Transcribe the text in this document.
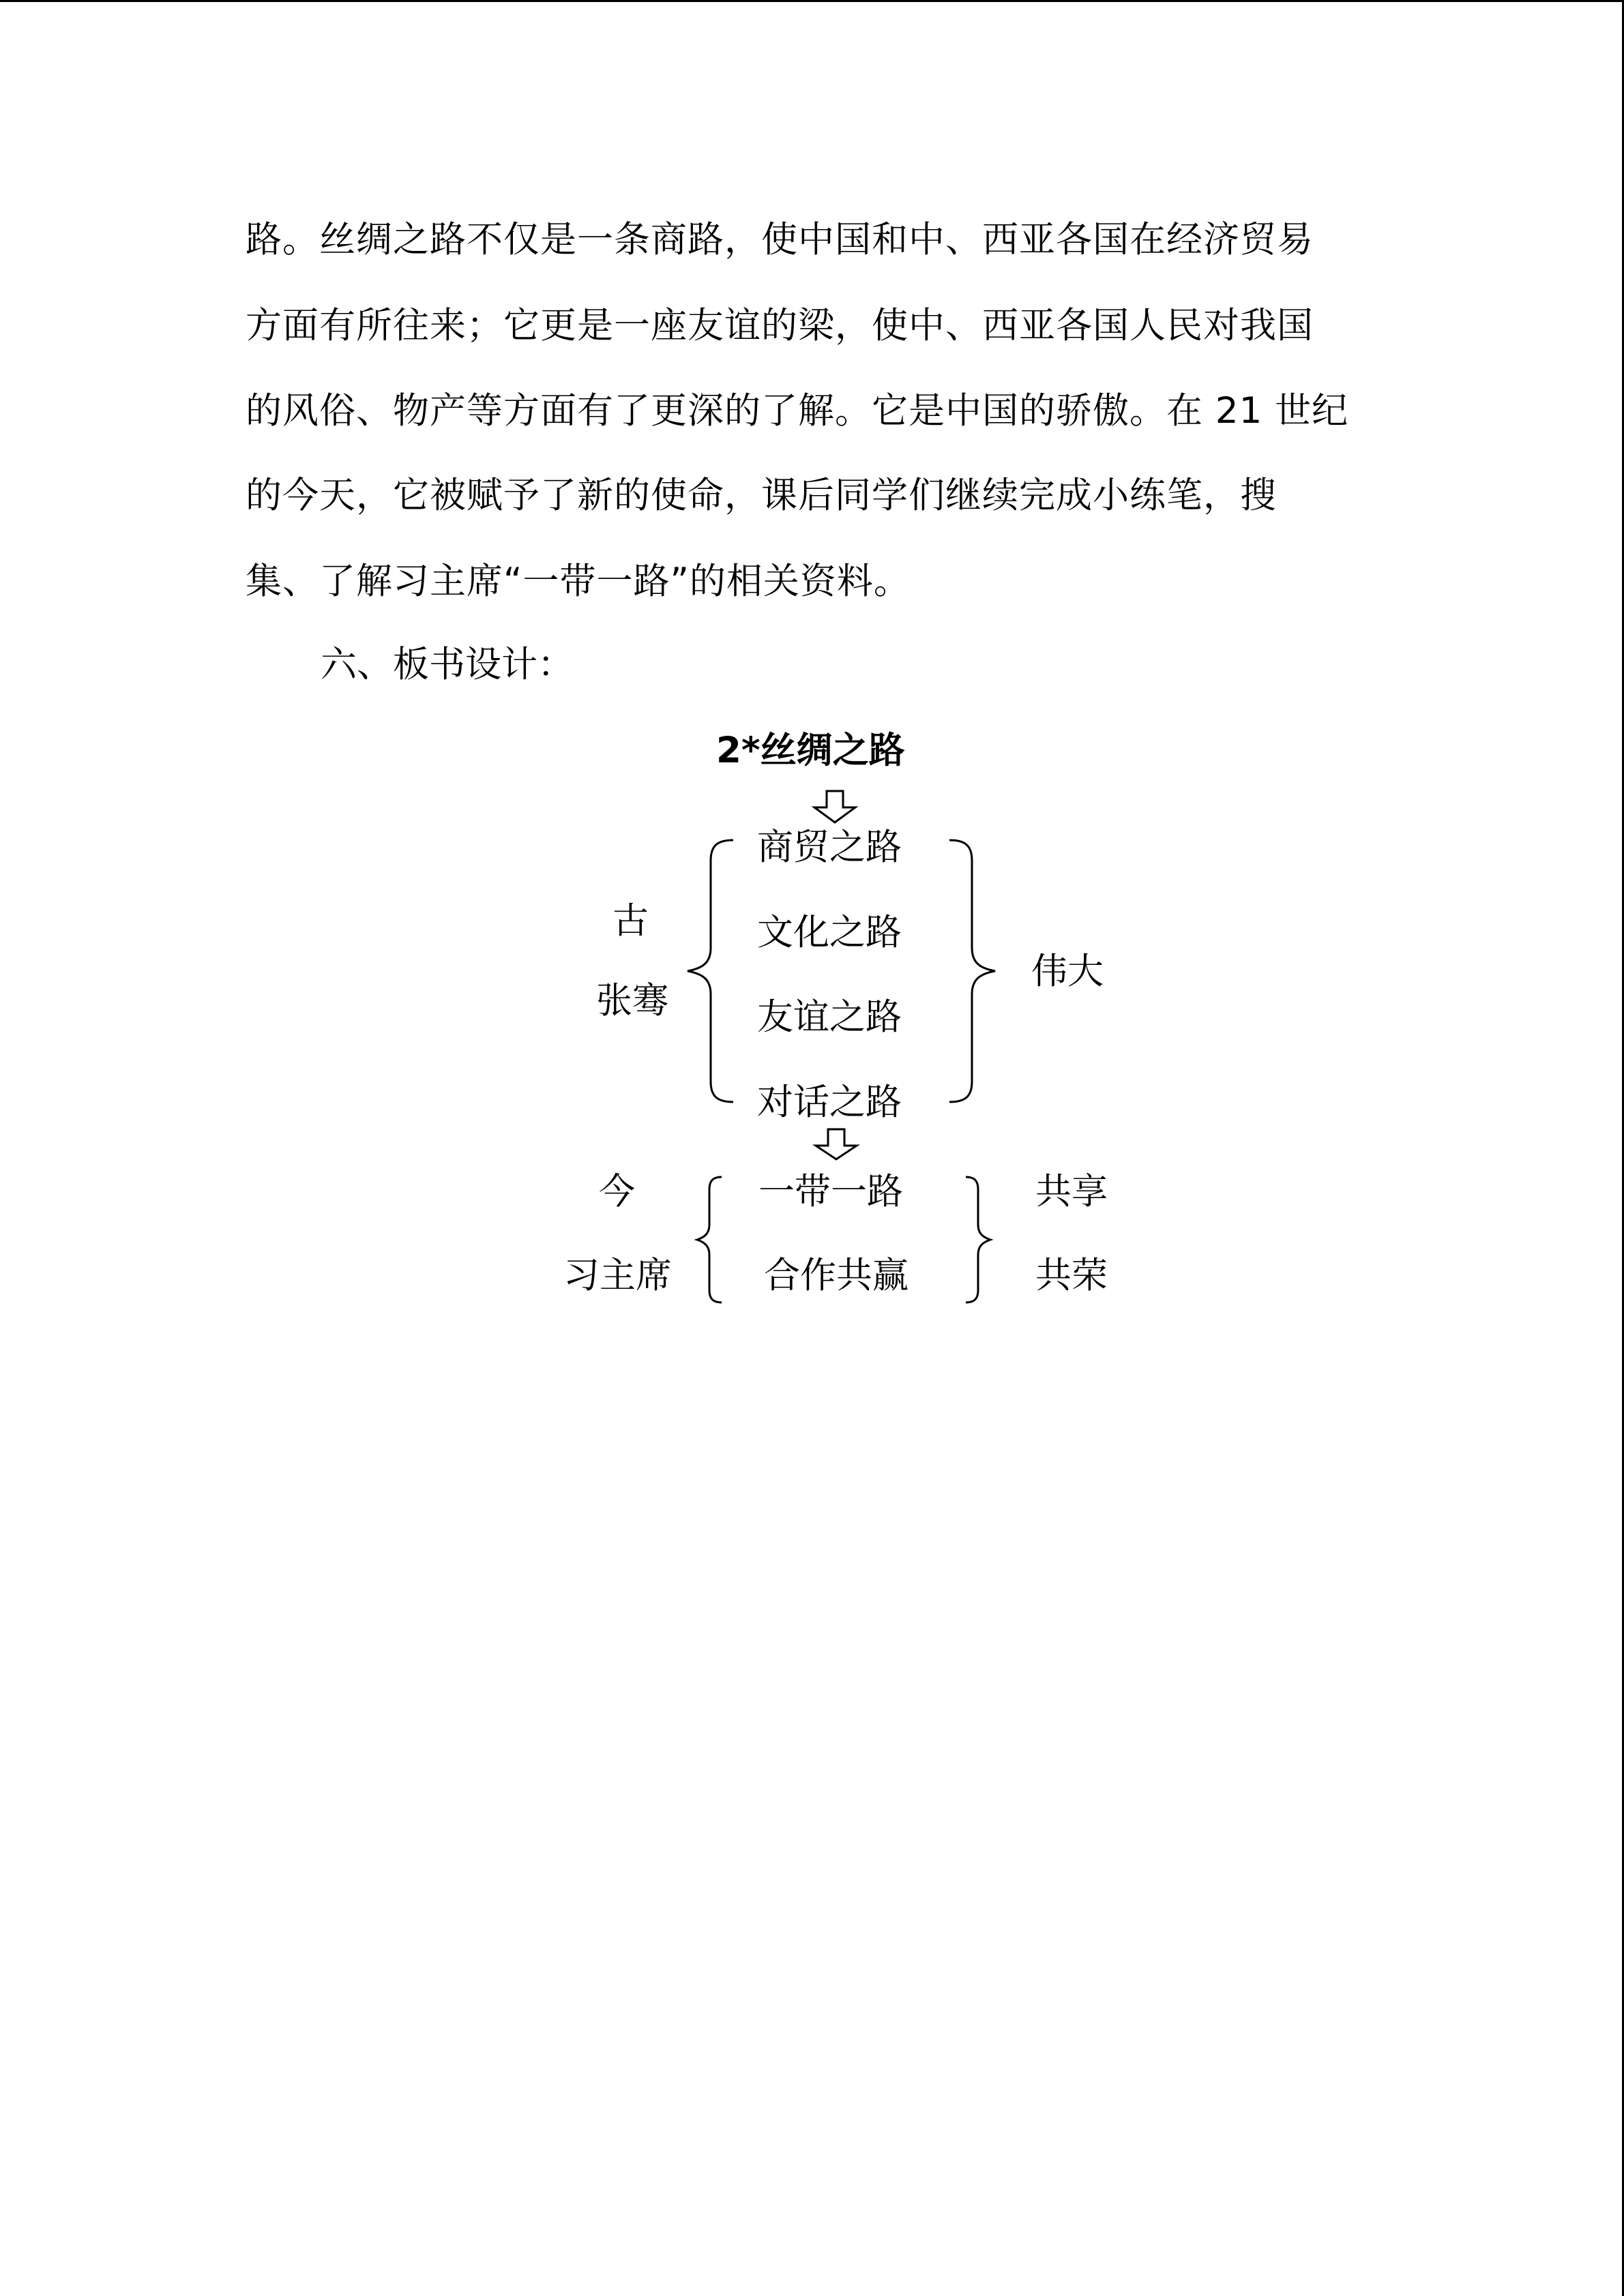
路。丝绸之路不仅是一条商路，使中国和中、西亚各国在经济贸易
方面有所往来；它更是一座友谊的梁，使中、西亚各国人民对我国
的风俗、物产等方面有了更深的了解。它是中国的骄傲。在 21 世纪
的今天，它被赋予了新的使命，课后同学们继续完成小练笔，搜
集、了解习主席“一带一路”的相关资料。
六、板书设计：
2*丝绸之路
古
张骞
商贸之路
文化之路
友谊之路
对话之路
伟大
今
习主席
一带一路
合作共赢
共享
共荣
